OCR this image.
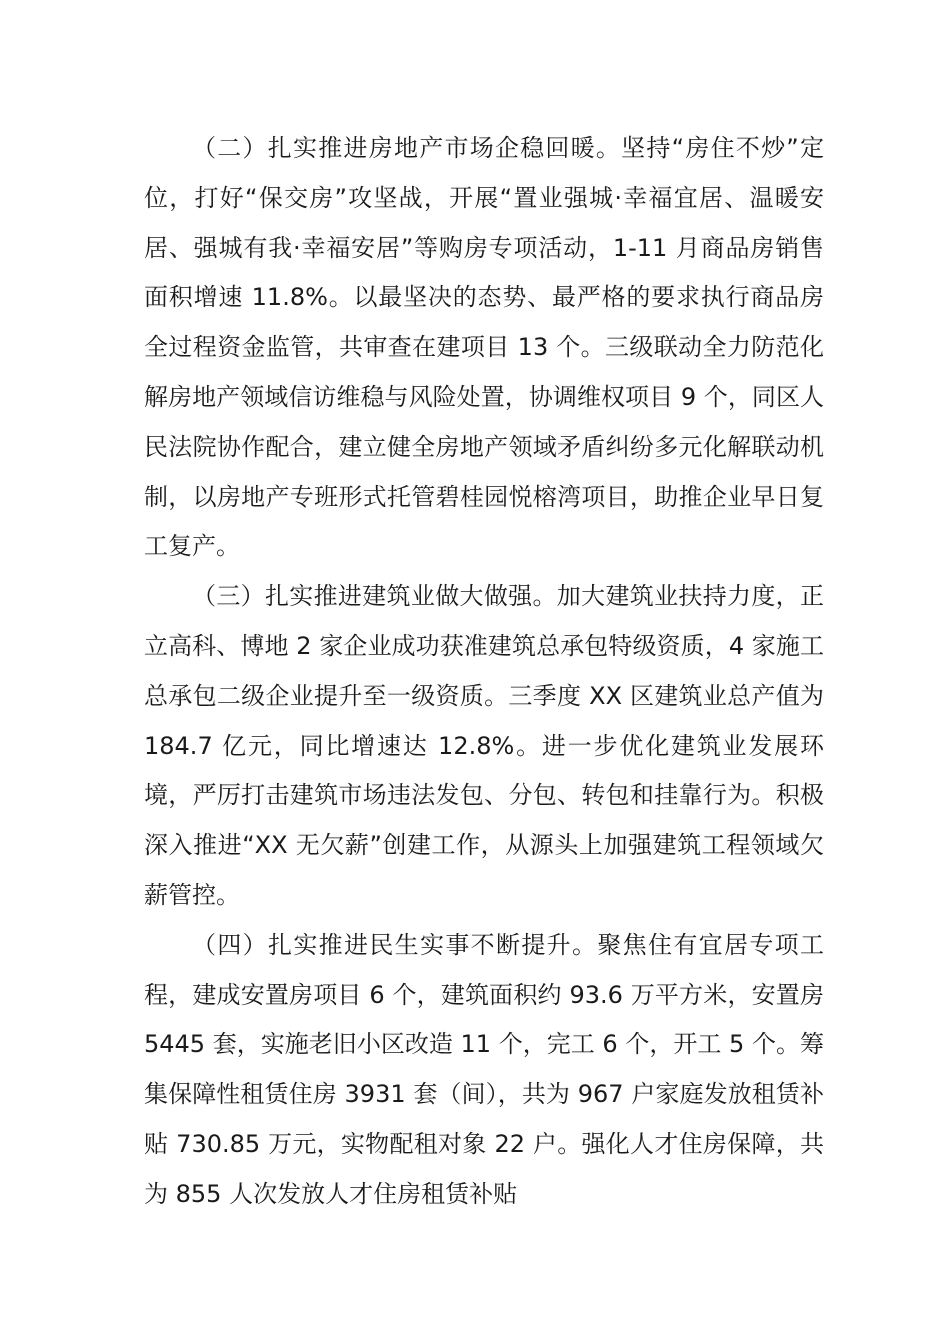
（二）扎实推进房地产市场企稳回暖。坚持“房住不炒”定位，打好“保交房”攻坚战，开展“置业强城·幸福宜居、温暖安居、强城有我·幸福安居”等购房专项活动，1-11 月商品房销售面积增速 11.8%。以最坚决的态势、最严格的要求执行商品房全过程资金监管，共审查在建项目 13 个。三级联动全力防范化解房地产领域信访维稳与风险处置，协调维权项目 9 个，同区人民法院协作配合，建立健全房地产领域矛盾纠纷多元化解联动机制，以房地产专班形式托管碧桂园悦榕湾项目，助推企业早日复工复产。

（三）扎实推进建筑业做大做强。加大建筑业扶持力度，正立高科、博地 2 家企业成功获准建筑总承包特级资质，4 家施工总承包二级企业提升至一级资质。三季度 XX 区建筑业总产值为 184.7 亿元，同比增速达 12.8%。进一步优化建筑业发展环境，严厉打击建筑市场违法发包、分包、转包和挂靠行为。积极深入推进“XX 无欠薪”创建工作，从源头上加强建筑工程领域欠薪管控。

（四）扎实推进民生实事不断提升。聚焦住有宜居专项工程，建成安置房项目 6 个，建筑面积约 93.6 万平方米，安置房 5445 套，实施老旧小区改造 11 个，完工 6 个，开工 5 个。筹集保障性租赁住房 3931 套（间），共为 967 户家庭发放租赁补贴 730.85 万元，实物配租对象 22 户。强化人才住房保障，共为 855 人次发放人才住房租赁补贴
